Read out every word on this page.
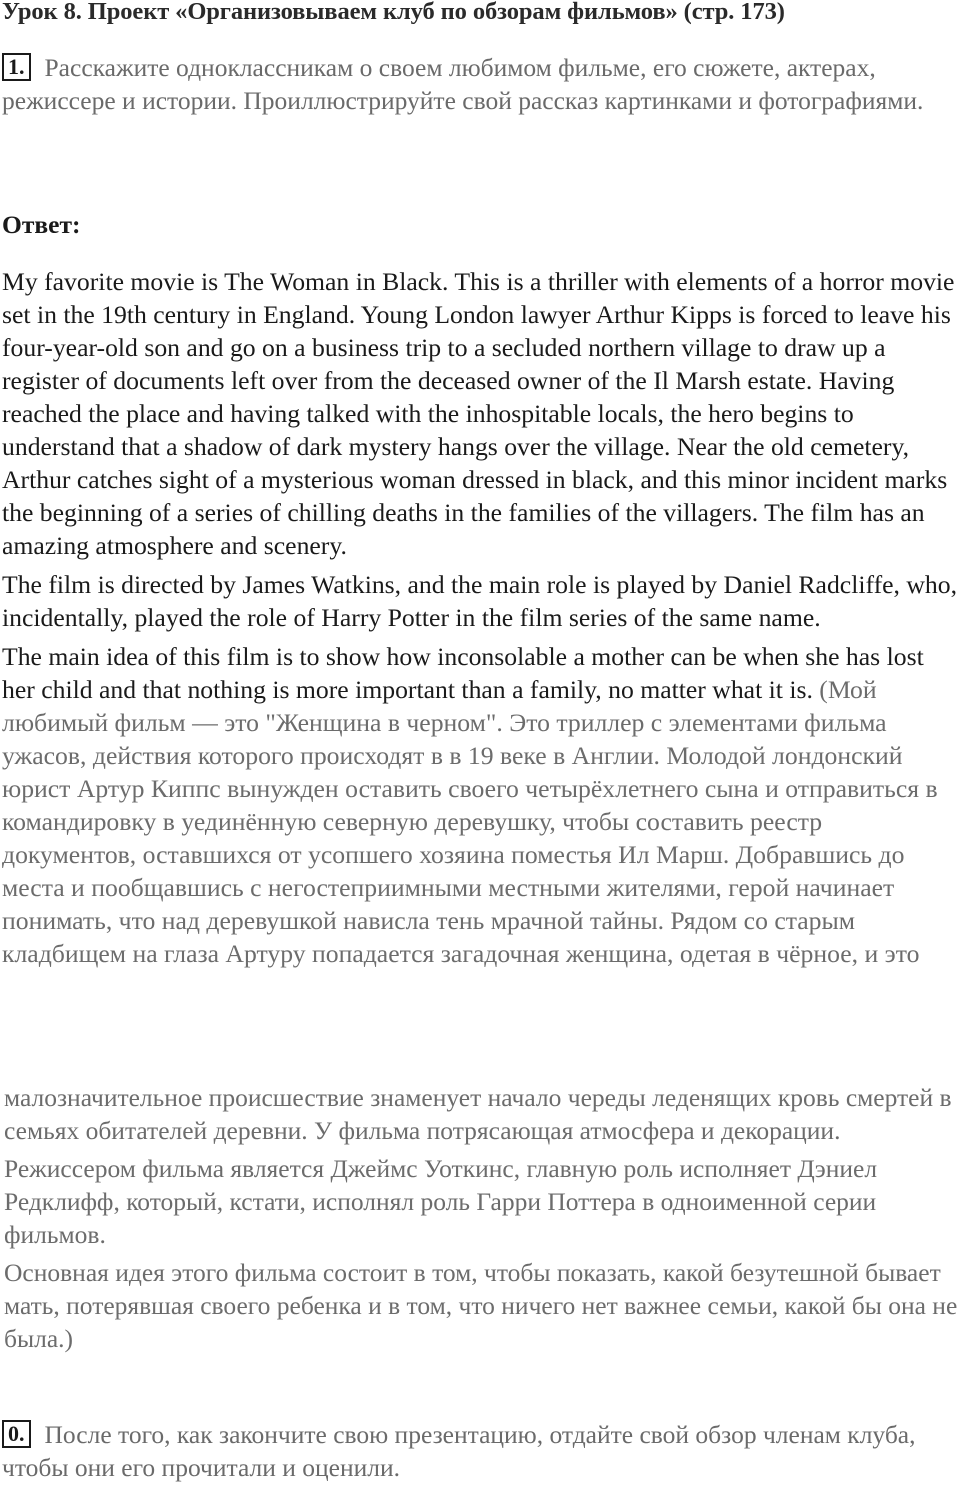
Урок 8. Проект «Организовываем клуб по обзорам фильмов» (стр. 173)
1. Расскажите одноклассникам о своем любимом фильме, его сюжете, актерах, режиссере и истории. Проиллюстрируйте свой рассказ картинками и фотографиями.
Ответ:

My favorite movie is The Woman in Black. This is a thriller with elements of a horror movie set in the 19th century in England. Young London lawyer Arthur Kipps is forced to leave his four-year-old son and go on a business trip to a secluded northern village to draw up a register of documents left over from the deceased owner of the Il Marsh estate. Having reached the place and having talked with the inhospitable locals, the hero begins to understand that a shadow of dark mystery hangs over the village. Near the old cemetery, Arthur catches sight of a mysterious woman dressed in black, and this minor incident marks the beginning of a series of chilling deaths in the families of the villagers. The film has an amazing atmosphere and scenery.

The film is directed by James Watkins, and the main role is played by Daniel Radcliffe, who, incidentally, played the role of Harry Potter in the film series of the same name.

The main idea of this film is to show how inconsolable a mother can be when she has lost her child and that nothing is more important than a family, no matter what it is. (Мой любимый фильм — это "Женщина в черном". Это триллер с элементами фильма ужасов, действия которого происходят в в 19 веке в Англии. Молодой лондонский юрист Артур Киппс вынужден оставить своего четырёхлетнего сына и отправиться в командировку в уединённую северную деревушку, чтобы составить реестр документов, оставшихся от усопшего хозяина поместья Ил Марш. Добравшись до места и пообщавшись с негостеприимными местными жителями, герой начинает понимать, что над деревушкой нависла тень мрачной тайны. Рядом со старым кладбищем на глаза Артуру попадается загадочная женщина, одетая в чёрное, и это

малозначительное происшествие знаменует начало череды леденящих кровь смертей в семьях обитателей деревни. У фильма потрясающая атмосфера и декорации.

Режиссером фильма является Джеймс Уоткинс, главную роль исполняет Дэниел Редклифф, который, кстати, исполнял роль Гарри Поттера в одноименной серии фильмов.

Основная идея этого фильма состоит в том, чтобы показать, какой безутешной бывает мать, потерявшая своего ребенка и в том, что ничего нет важнее семьи, какой бы она не была.)

0. После того, как закончите свою презентацию, отдайте свой обзор членам клуба, чтобы они его прочитали и оценили.
